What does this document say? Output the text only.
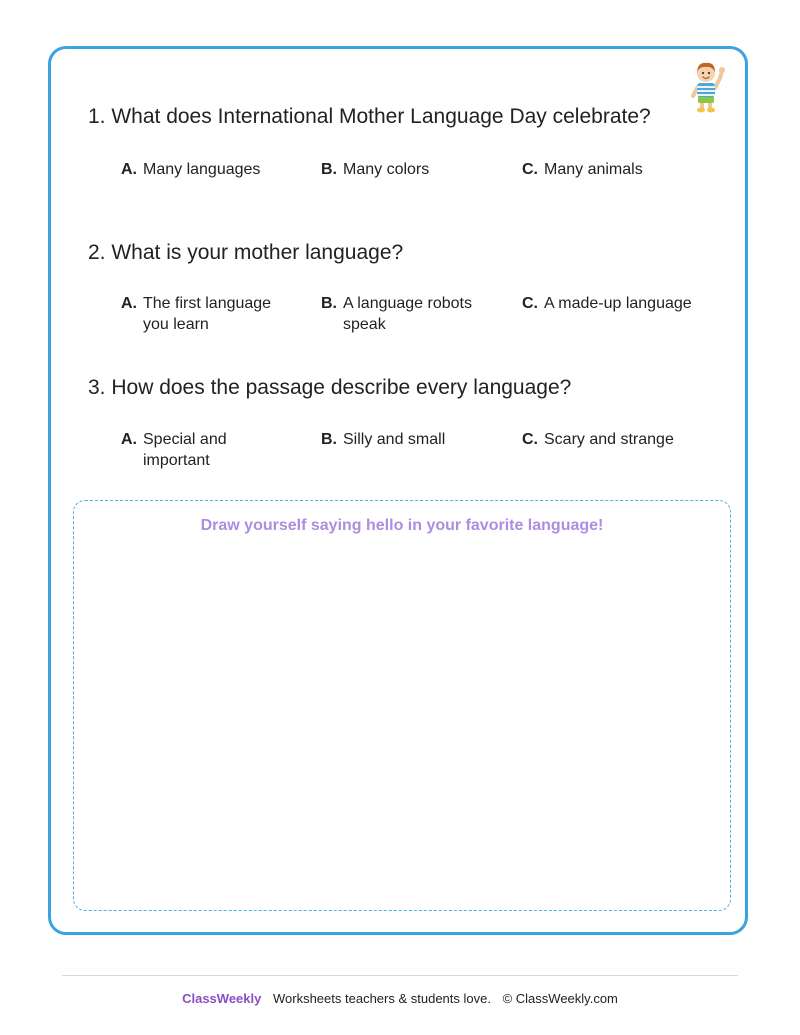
1. What does International Mother Language Day celebrate?
A. Many languages	B. Many colors	C. Many animals
2. What is your mother language?
A. The first language you learn
B. A language robots speak
C. A made-up language
3. How does the passage describe every language?
A. Special and important
B. Silly and small	C. Scary and strange
Draw yourself saying hello in your favorite language!
ClassWeekly Worksheets teachers & students love. © ClassWeekly.com
